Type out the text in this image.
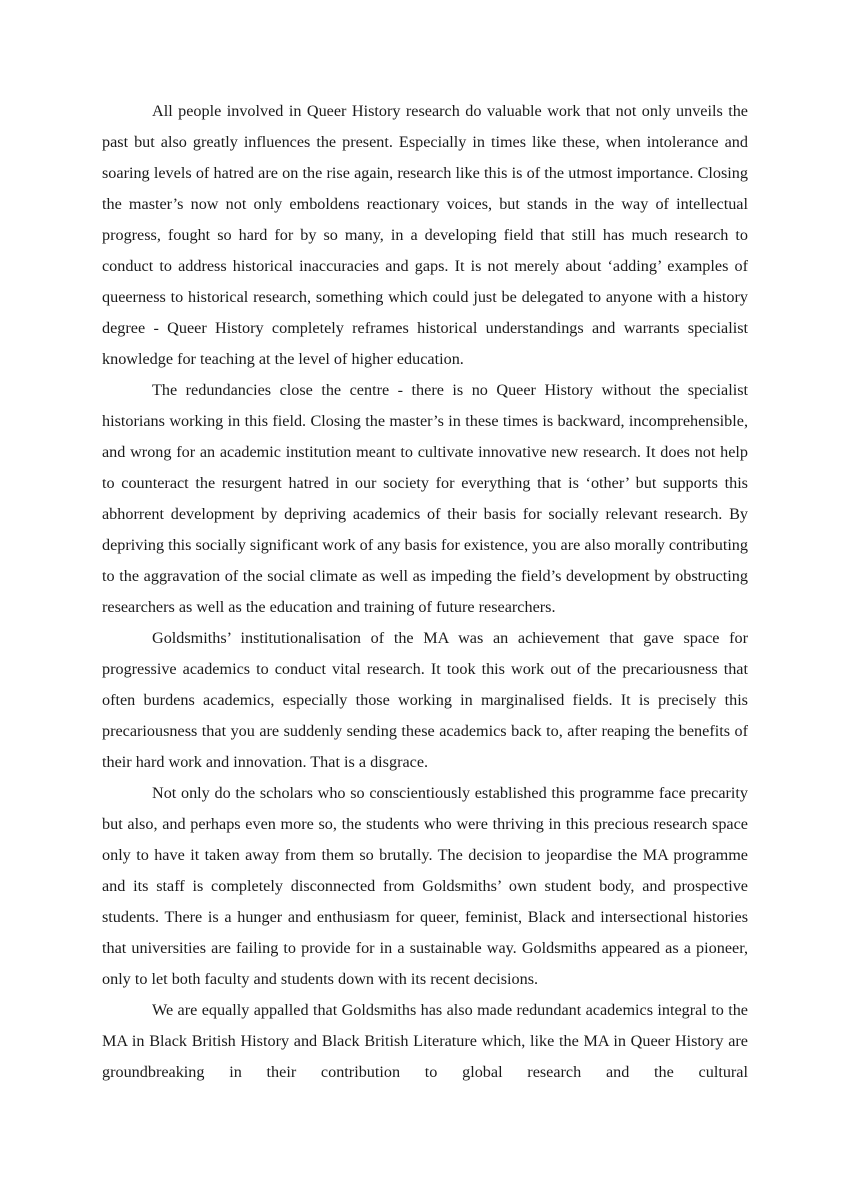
All people involved in Queer History research do valuable work that not only unveils the past but also greatly influences the present. Especially in times like these, when intolerance and soaring levels of hatred are on the rise again, research like this is of the utmost importance. Closing the master’s now not only emboldens reactionary voices, but stands in the way of intellectual progress, fought so hard for by so many, in a developing field that still has much research to conduct to address historical inaccuracies and gaps. It is not merely about ‘adding’ examples of queerness to historical research, something which could just be delegated to anyone with a history degree - Queer History completely reframes historical understandings and warrants specialist knowledge for teaching at the level of higher education.

The redundancies close the centre - there is no Queer History without the specialist historians working in this field. Closing the master’s in these times is backward, incomprehensible, and wrong for an academic institution meant to cultivate innovative new research. It does not help to counteract the resurgent hatred in our society for everything that is ‘other’ but supports this abhorrent development by depriving academics of their basis for socially relevant research. By depriving this socially significant work of any basis for existence, you are also morally contributing to the aggravation of the social climate as well as impeding the field’s development by obstructing researchers as well as the education and training of future researchers.

Goldsmiths’ institutionalisation of the MA was an achievement that gave space for progressive academics to conduct vital research. It took this work out of the precariousness that often burdens academics, especially those working in marginalised fields. It is precisely this precariousness that you are suddenly sending these academics back to, after reaping the benefits of their hard work and innovation. That is a disgrace.

Not only do the scholars who so conscientiously established this programme face precarity but also, and perhaps even more so, the students who were thriving in this precious research space only to have it taken away from them so brutally. The decision to jeopardise the MA programme and its staff is completely disconnected from Goldsmiths’ own student body, and prospective students. There is a hunger and enthusiasm for queer, feminist, Black and intersectional histories that universities are failing to provide for in a sustainable way. Goldsmiths appeared as a pioneer, only to let both faculty and students down with its recent decisions.

We are equally appalled that Goldsmiths has also made redundant academics integral to the MA in Black British History and Black British Literature which, like the MA in Queer History are groundbreaking in their contribution to global research and the cultural
